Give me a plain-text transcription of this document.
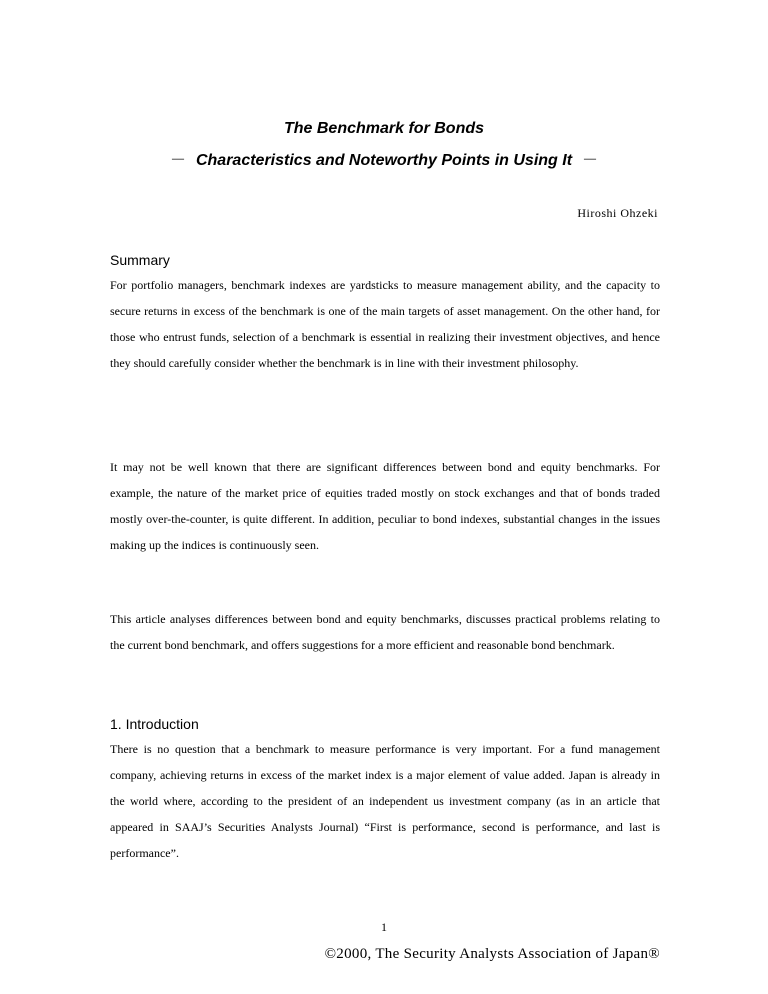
The Benchmark for Bonds
－ Characteristics and Noteworthy Points in Using It －
Hiroshi Ohzeki
Summary
For portfolio managers, benchmark indexes are yardsticks to measure management ability, and the capacity to secure returns in excess of the benchmark is one of the main targets of asset management. On the other hand, for those who entrust funds, selection of a benchmark is essential in realizing their investment objectives, and hence they should carefully consider whether the benchmark is in line with their investment philosophy.
It may not be well known that there are significant differences between bond and equity benchmarks. For example, the nature of the market price of equities traded mostly on stock exchanges and that of bonds traded mostly over-the-counter, is quite different. In addition, peculiar to bond indexes, substantial changes in the issues making up the indices is continuously seen.
This article analyses differences between bond and equity benchmarks, discusses practical problems relating to the current bond benchmark, and offers suggestions for a more efficient and reasonable bond benchmark.
1. Introduction
There is no question that a benchmark to measure performance is very important. For a fund management company, achieving returns in excess of the market index is a major element of value added. Japan is already in the world where, according to the president of an independent us investment company (as in an article that appeared in SAAJ’s Securities Analysts Journal) “First is performance, second is performance, and last is performance”.
1
©2000, The Security Analysts Association of Japan®
